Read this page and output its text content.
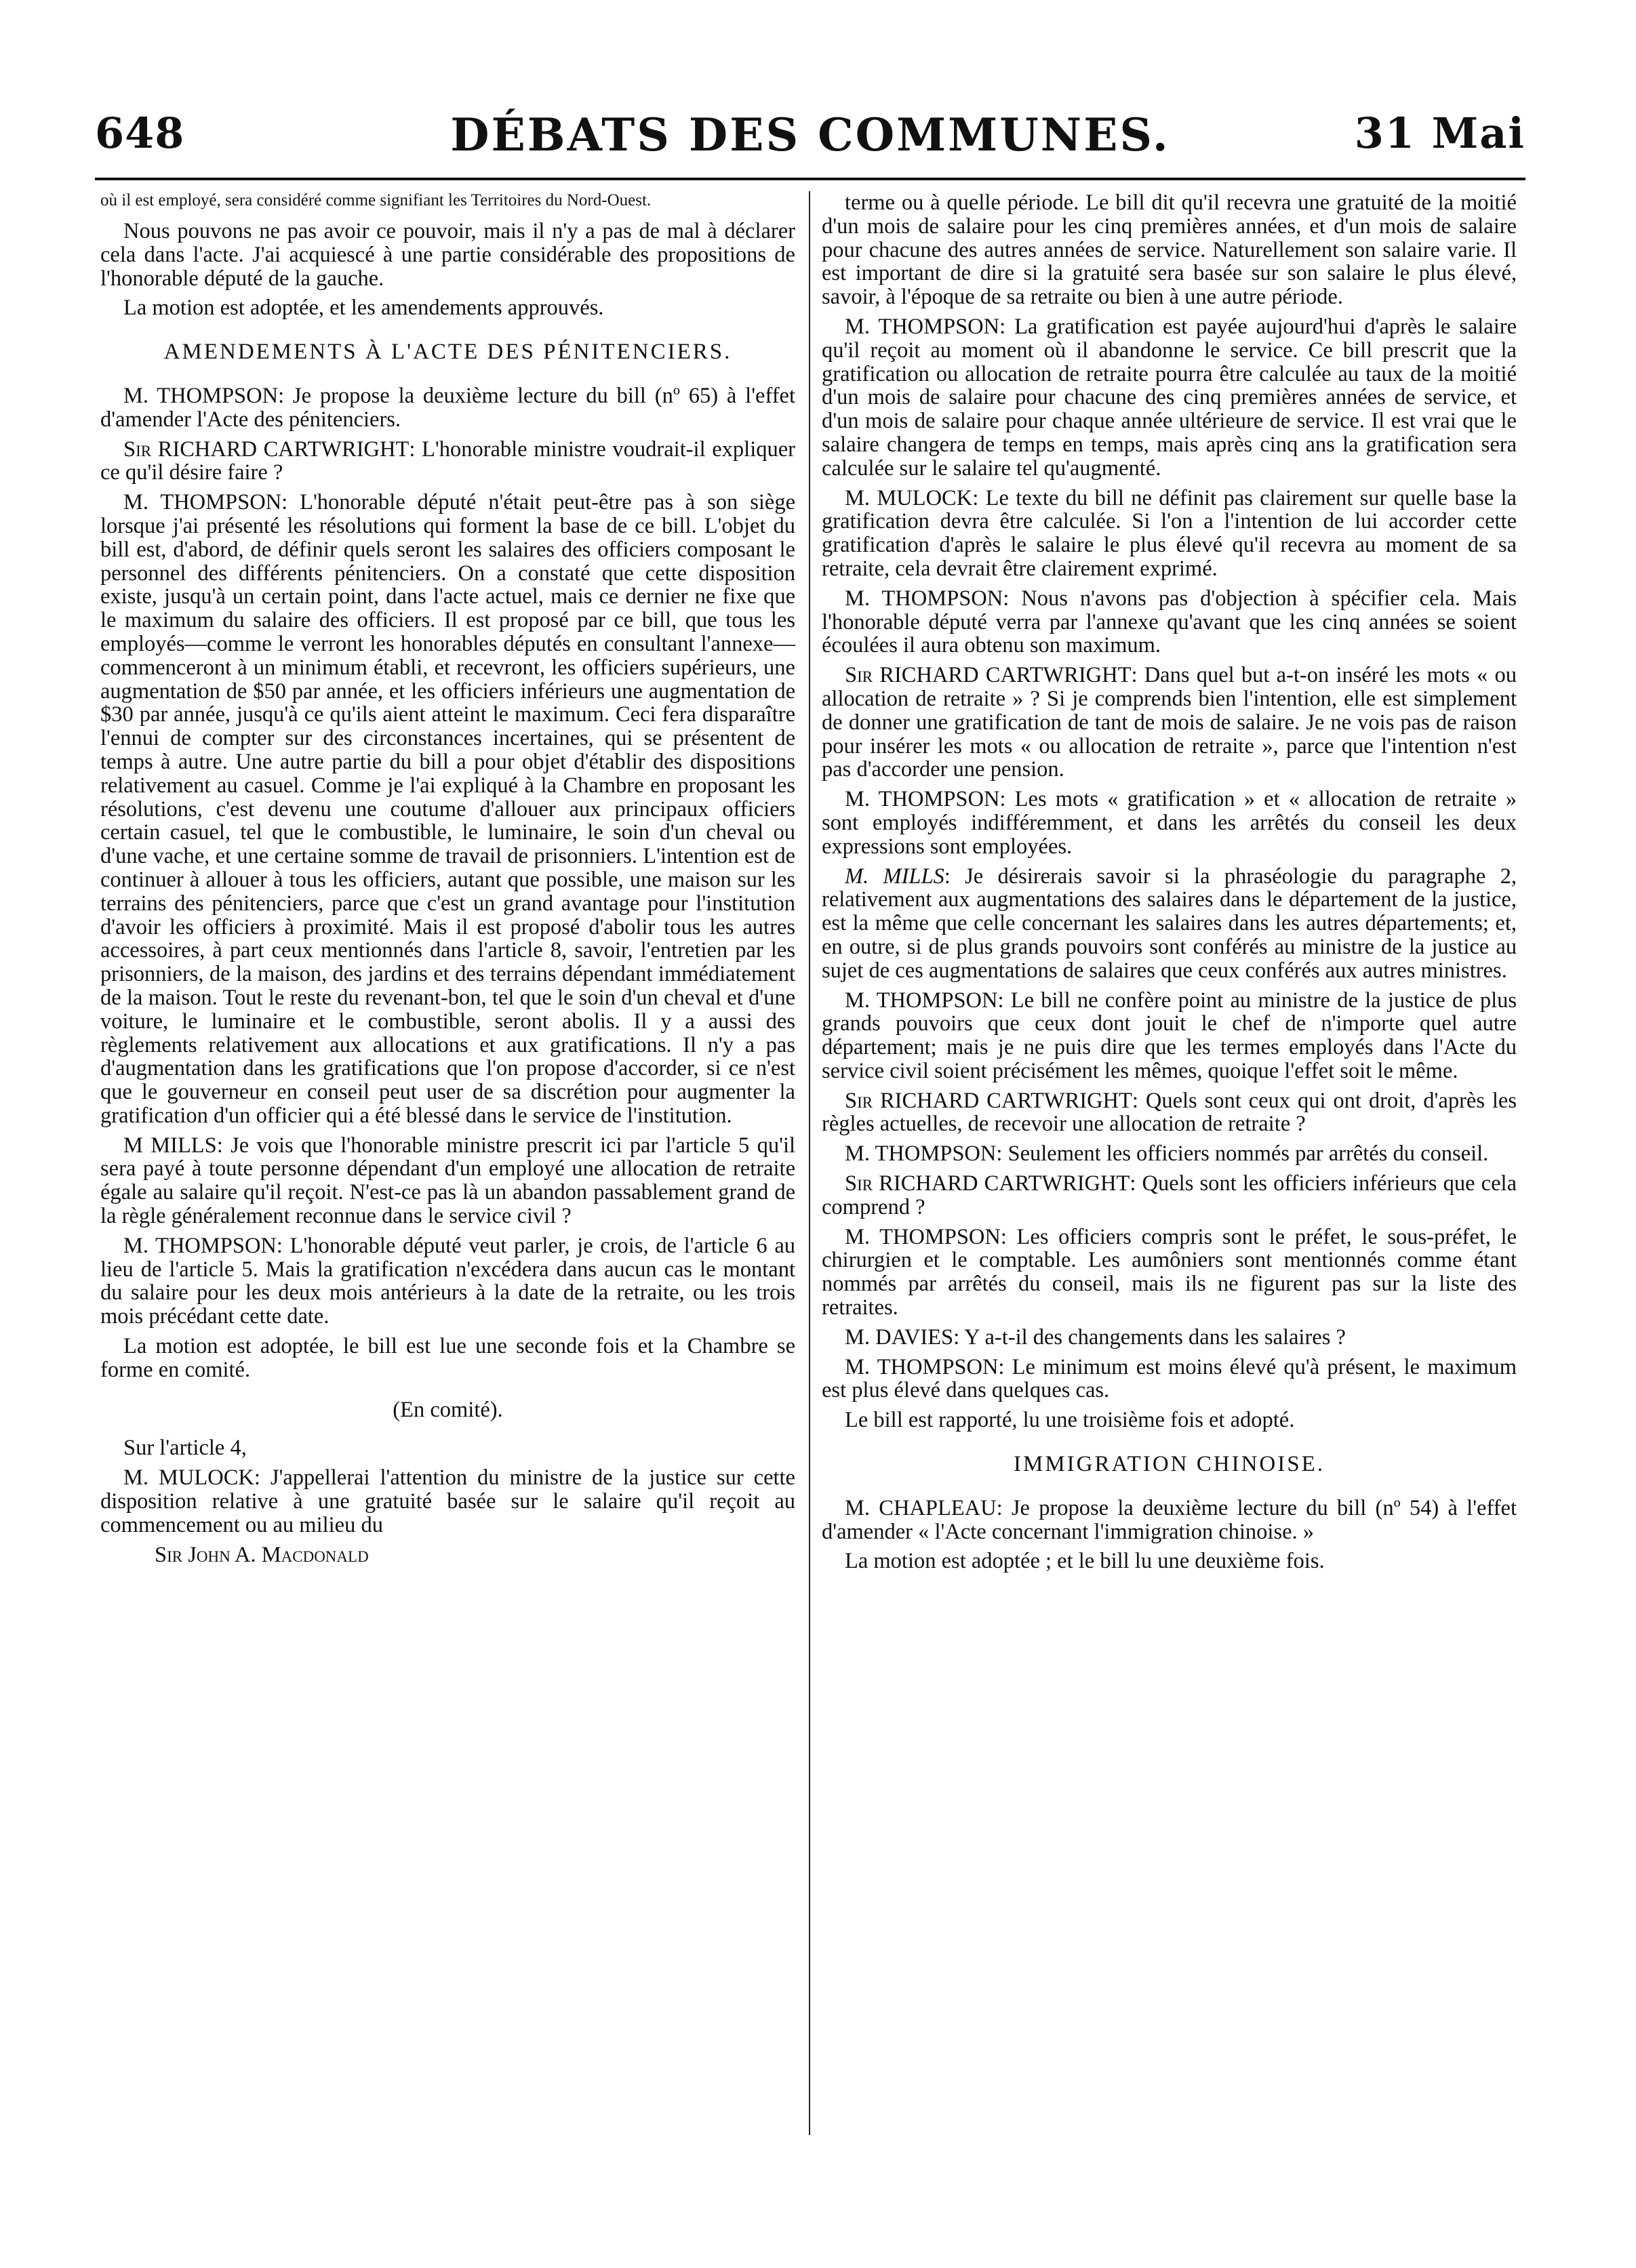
648	DÉBATS DES COMMUNES.	31 Mai

où il est employé, sera considéré comme signifiant les Territoires du Nord-Ouest.

Nous pouvons ne pas avoir ce pouvoir, mais il n'y a pas de mal à déclarer cela dans l'acte. J'ai acquiescé à une partie considérable des propositions de l'honorable député de la gauche.

La motion est adoptée, et les amendements approuvés.

AMENDEMENTS À L'ACTE DES PÉNITENCIERS.

M. THOMPSON: Je propose la deuxième lecture du bill (nº 65) à l'effet d'amender l'Acte des pénitenciers.

Sir RICHARD CARTWRIGHT: L'honorable ministre voudrait-il expliquer ce qu'il désire faire ?

M. THOMPSON: L'honorable député n'était peut-être pas à son siège lorsque j'ai présenté les résolutions qui forment la base de ce bill. L'objet du bill est, d'abord, de définir quels seront les salaires des officiers composant le personnel des différents pénitenciers. On a constaté que cette disposition existe, jusqu'à un certain point, dans l'acte actuel, mais ce dernier ne fixe que le maximum du salaire des officiers. Il est proposé par ce bill, que tous les employés—comme le verront les honorables députés en consultant l'annexe—commenceront à un minimum établi, et recevront, les officiers supérieurs, une augmentation de $50 par année, et les officiers inférieurs une augmentation de $30 par année, jusqu'à ce qu'ils aient atteint le maximum. Ceci fera disparaître l'ennui de compter sur des circonstances incertaines, qui se présentent de temps à autre. Une autre partie du bill a pour objet d'établir des dispositions relativement au casuel. Comme je l'ai expliqué à la Chambre en proposant les résolutions, c'est devenu une coutume d'allouer aux principaux officiers certain casuel, tel que le combustible, le luminaire, le soin d'un cheval ou d'une vache, et une certaine somme de travail de prisonniers. L'intention est de continuer à allouer à tous les officiers, autant que possible, une maison sur les terrains des pénitenciers, parce que c'est un grand avantage pour l'institution d'avoir les officiers à proximité. Mais il est proposé d'abolir tous les autres accessoires, à part ceux mentionnés dans l'article 8, savoir, l'entretien par les prisonniers, de la maison, des jardins et des terrains dépendant immédiatement de la maison. Tout le reste du revenant-bon, tel que le soin d'un cheval et d'une voiture, le luminaire et le combustible, seront abolis. Il y a aussi des règlements relativement aux allocations et aux gratifications. Il n'y a pas d'augmentation dans les gratifications que l'on propose d'accorder, si ce n'est que le gouverneur en conseil peut user de sa discrétion pour augmenter la gratification d'un officier qui a été blessé dans le service de l'institution.

M MILLS: Je vois que l'honorable ministre prescrit ici par l'article 5 qu'il sera payé à toute personne dépendant d'un employé une allocation de retraite égale au salaire qu'il reçoit. N'est-ce pas là un abandon passablement grand de la règle généralement reconnue dans le service civil ?

M. THOMPSON: L'honorable député veut parler, je crois, de l'article 6 au lieu de l'article 5. Mais la gratification n'excédera dans aucun cas le montant du salaire pour les deux mois antérieurs à la date de la retraite, ou les trois mois précédant cette date.

La motion est adoptée, le bill est lue une seconde fois et la Chambre se forme en comité.

(En comité).

Sur l'article 4,

M. MULOCK: J'appellerai l'attention du ministre de la justice sur cette disposition relative à une gratuité basée sur le salaire qu'il reçoit au commencement ou au milieu du

Sir John A. Macdonald

terme ou à quelle période. Le bill dit qu'il recevra une gratuité de la moitié d'un mois de salaire pour les cinq premières années, et d'un mois de salaire pour chacune des autres années de service. Naturellement son salaire varie. Il est important de dire si la gratuité sera basée sur son salaire le plus élevé, savoir, à l'époque de sa retraite ou bien à une autre période.

M. THOMPSON: La gratification est payée aujourd'hui d'après le salaire qu'il reçoit au moment où il abandonne le service. Ce bill prescrit que la gratification ou allocation de retraite pourra être calculée au taux de la moitié d'un mois de salaire pour chacune des cinq premières années de service, et d'un mois de salaire pour chaque année ultérieure de service. Il est vrai que le salaire changera de temps en temps, mais après cinq ans la gratification sera calculée sur le salaire tel qu'augmenté.

M. MULOCK: Le texte du bill ne définit pas clairement sur quelle base la gratification devra être calculée. Si l'on a l'intention de lui accorder cette gratification d'après le salaire le plus élevé qu'il recevra au moment de sa retraite, cela devrait être clairement exprimé.

M. THOMPSON: Nous n'avons pas d'objection à spécifier cela. Mais l'honorable député verra par l'annexe qu'avant que les cinq années se soient écoulées il aura obtenu son maximum.

Sir RICHARD CARTWRIGHT: Dans quel but a-t-on inséré les mots « ou allocation de retraite » ? Si je comprends bien l'intention, elle est simplement de donner une gratification de tant de mois de salaire. Je ne vois pas de raison pour insérer les mots « ou allocation de retraite », parce que l'intention n'est pas d'accorder une pension.

M. THOMPSON: Les mots « gratification » et « allocation de retraite » sont employés indifféremment, et dans les arrêtés du conseil les deux expressions sont employées.

M. MILLS: Je désirerais savoir si la phraséologie du paragraphe 2, relativement aux augmentations des salaires dans le département de la justice, est la même que celle concernant les salaires dans les autres départements; et, en outre, si de plus grands pouvoirs sont conférés au ministre de la justice au sujet de ces augmentations de salaires que ceux conférés aux autres ministres.

M. THOMPSON: Le bill ne confère point au ministre de la justice de plus grands pouvoirs que ceux dont jouit le chef de n'importe quel autre département; mais je ne puis dire que les termes employés dans l'Acte du service civil soient précisément les mêmes, quoique l'effet soit le même.

Sir RICHARD CARTWRIGHT: Quels sont ceux qui ont droit, d'après les règles actuelles, de recevoir une allocation de retraite ?

M. THOMPSON: Seulement les officiers nommés par arrêtés du conseil.

Sir RICHARD CARTWRIGHT: Quels sont les officiers inférieurs que cela comprend ?

M. THOMPSON: Les officiers compris sont le préfet, le sous-préfet, le chirurgien et le comptable. Les aumôniers sont mentionnés comme étant nommés par arrêtés du conseil, mais ils ne figurent pas sur la liste des retraites.

M. DAVIES: Y a-t-il des changements dans les salaires ?

M. THOMPSON: Le minimum est moins élevé qu'à présent, le maximum est plus élevé dans quelques cas.

Le bill est rapporté, lu une troisième fois et adopté.

IMMIGRATION CHINOISE.

M. CHAPLEAU: Je propose la deuxième lecture du bill (nº 54) à l'effet d'amender « l'Acte concernant l'immigration chinoise. »

La motion est adoptée ; et le bill lu une deuxième fois.
